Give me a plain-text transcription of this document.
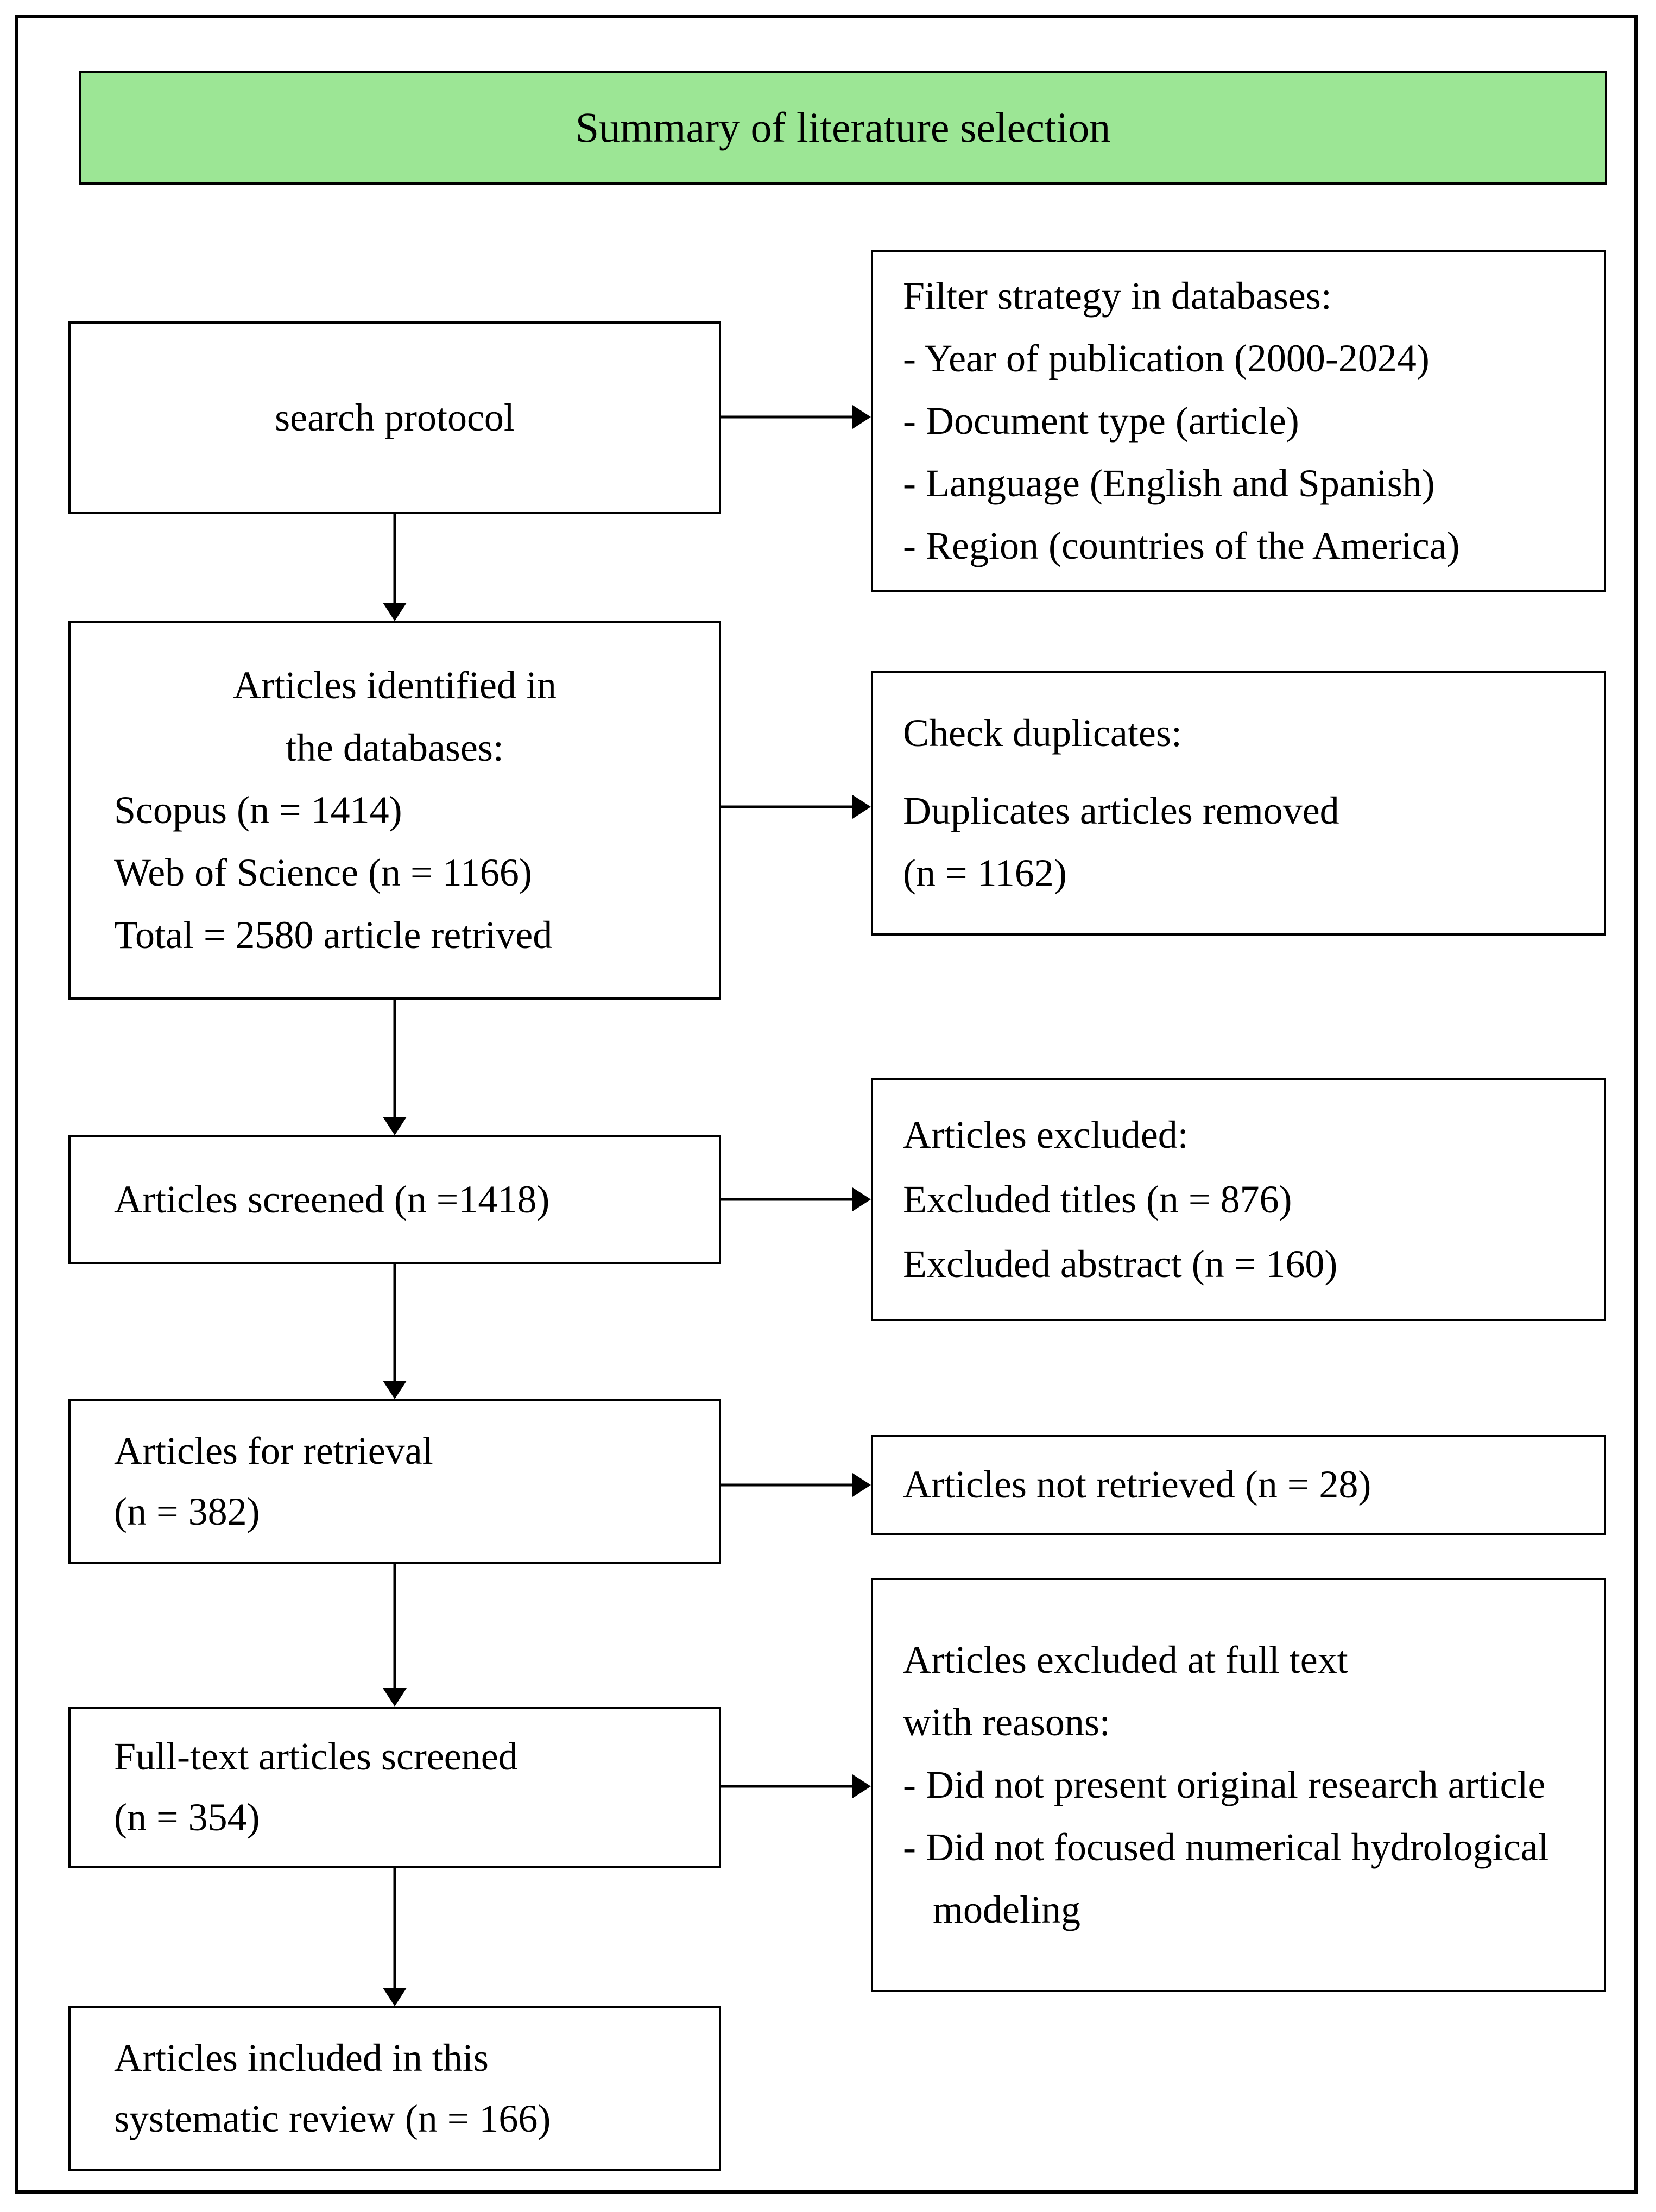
Summary of literature selection
search protocol
Filter strategy in databases:
- Year of publication (2000-2024)
- Document type (article)
- Language (English and Spanish)
- Region (countries of the America)
Articles identified in
the databases:
Scopus (n = 1414)
Web of Science (n = 1166)
Total = 2580 article retrived
Check duplicates:
Duplicates articles removed
(n = 1162)
Articles screened (n =1418)
Articles excluded:
Excluded titles (n = 876)
Excluded abstract (n = 160)
Articles for retrieval
(n = 382)
Articles not retrieved (n = 28)
Full-text articles screened
(n = 354)
Articles excluded at full text
with reasons:
- Did not present original research article
- Did not focused numerical hydrological modeling
Articles included in this
systematic review (n = 166)
